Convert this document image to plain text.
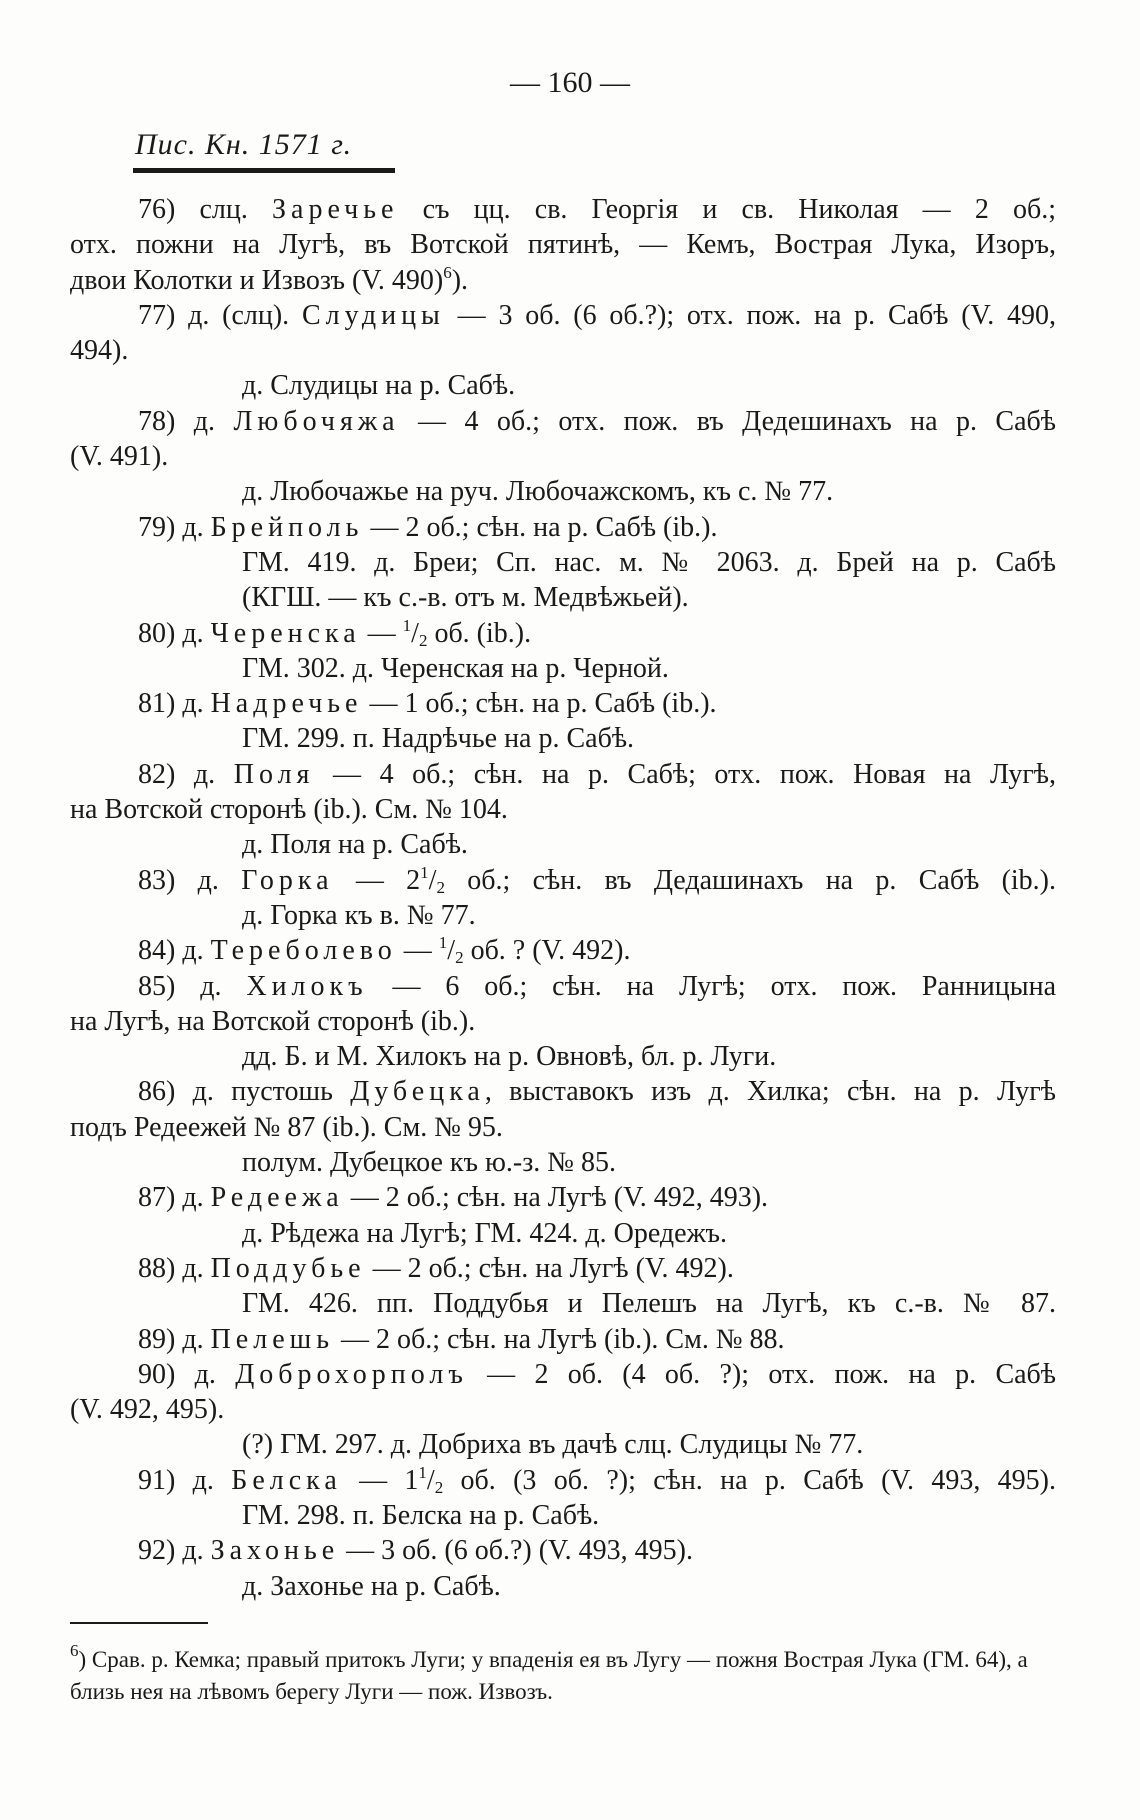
— 160 —
Пис. Кн. 1571 г.
76) слц. Заречье съ цц. св. Георгія и св. Николая — 2 об.;
отх. пожни на Лугѣ, въ Вотской пятинѣ, — Кемъ, Вострая Лука, Изоръ,
двои Колотки и Извозъ (V. 490)$^6$).
77) д. (слц). Слудицы — 3 об. (6 об.?); отх. пож. на р. Сабѣ (V. 490,
494).
д. Слудицы на р. Сабѣ.
78) д. Любочяжа — 4 об.; отх. пож. въ Дедешинахъ на р. Сабѣ
(V. 491).
д. Любочажье на руч. Любочажскомъ, къ с. № 77.
79) д. Брейполь — 2 об.; сѣн. на р. Сабѣ (ib.).
ГМ. 419. д. Бреи; Сп. нас. м. № 2063. д. Брей на р. Сабѣ
(КГШ. — къ с.-в. отъ м. Медвѣжьей).
80) д. Черенска — $^1/_2$ об. (ib.).
ГМ. 302. д. Черенская на р. Черной.
81) д. Надречье — 1 об.; сѣн. на р. Сабѣ (ib.).
ГМ. 299. п. Надрѣчье на р. Сабѣ.
82) д. Поля — 4 об.; сѣн. на р. Сабѣ; отх. пож. Новая на Лугѣ,
на Вотской сторонѣ (ib.). См. № 104.
д. Поля на р. Сабѣ.
83) д. Горка — $2^1/_2$ об.; сѣн. въ Дедашинахъ на р. Сабѣ (ib.).
д. Горка къ в. № 77.
84) д. Тереболево — $^1/_2$ об. ? (V. 492).
85) д. Хилокъ — 6 об.; сѣн. на Лугѣ; отх. пож. Ранницына
на Лугѣ, на Вотской сторонѣ (ib.).
дд. Б. и М. Хилокъ на р. Овновѣ, бл. р. Луги.
86) д. пустошь Дубецка, выставокъ изъ д. Хилка; сѣн. на р. Лугѣ
подъ Редеежей № 87 (ib.). См. № 95.
полум. Дубецкое къ ю.-з. № 85.
87) д. Редеежа — 2 об.; сѣн. на Лугѣ (V. 492, 493).
д. Рѣдежа на Лугѣ; ГМ. 424. д. Оредежъ.
88) д. Поддубье — 2 об.; сѣн. на Лугѣ (V. 492).
ГМ. 426. пп. Поддубья и Пелешъ на Лугѣ, къ с.-в. № 87.
89) д. Пелешь — 2 об.; сѣн. на Лугѣ (ib.). См. № 88.
90) д. Доброхорполъ — 2 об. (4 об. ?); отх. пож. на р. Сабѣ
(V. 492, 495).
(?) ГМ. 297. д. Добриха въ дачѣ слц. Слудицы № 77.
91) д. Белска — $1^1/_2$ об. (3 об. ?); сѣн. на р. Сабѣ (V. 493, 495).
ГМ. 298. п. Белска на р. Сабѣ.
92) д. Захонье — 3 об. (6 об.?) (V. 493, 495).
д. Захонье на р. Сабѣ.
$^6$) Срав. р. Кемка; правый притокъ Луги; у впаденія ея въ Лугу — пожня Вострая Лука (ГМ. 64), а близь нея на лѣвомъ берегу Луги — пож. Извозъ.
